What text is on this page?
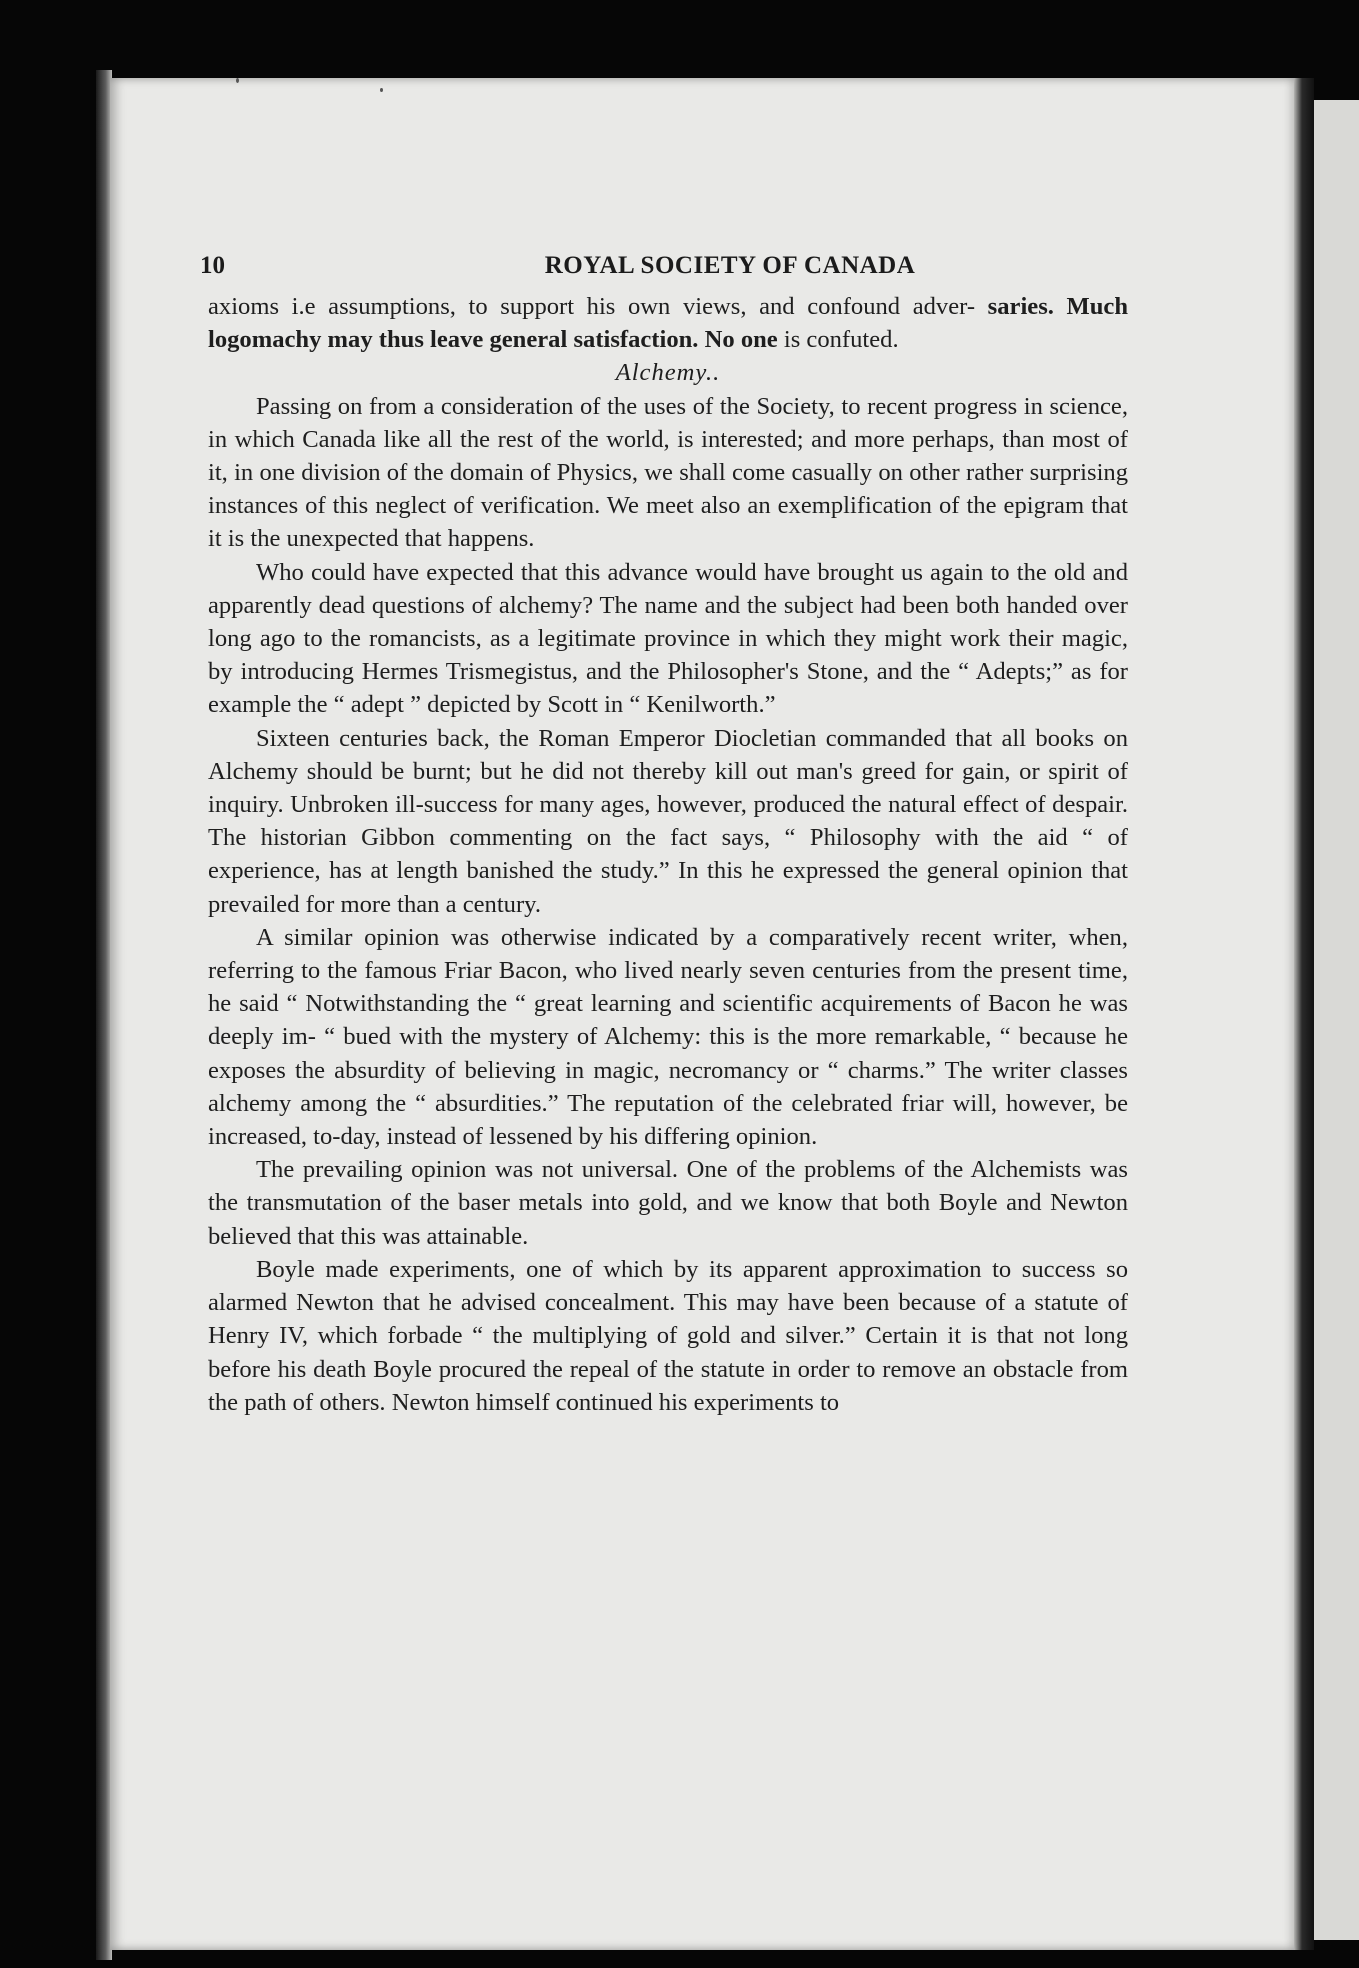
10	ROYAL SOCIETY OF CANADA

axioms i.e assumptions, to support his own views, and confound adver- saries. Much logomachy may thus leave general satisfaction. No one is confuted.

Alchemy..

Passing on from a consideration of the uses of the Society, to recent progress in science, in which Canada like all the rest of the world, is interested; and more perhaps, than most of it, in one division of the domain of Physics, we shall come casually on other rather surprising instances of this neglect of verification. We meet also an exemplification of the epigram that it is the unexpected that happens.

Who could have expected that this advance would have brought us again to the old and apparently dead questions of alchemy? The name and the subject had been both handed over long ago to the romancists, as a legitimate province in which they might work their magic, by introducing Hermes Trismegistus, and the Philosopher's Stone, and the “ Adepts;” as for example the “ adept ” depicted by Scott in “ Kenilworth.”

Sixteen centuries back, the Roman Emperor Diocletian commanded that all books on Alchemy should be burnt; but he did not thereby kill out man's greed for gain, or spirit of inquiry. Unbroken ill-success for many ages, however, produced the natural effect of despair. The historian Gibbon commenting on the fact says, “ Philosophy with the aid “ of experience, has at length banished the study.” In this he expressed the general opinion that prevailed for more than a century.

A similar opinion was otherwise indicated by a comparatively recent writer, when, referring to the famous Friar Bacon, who lived nearly seven centuries from the present time, he said “ Notwithstanding the “ great learning and scientific acquirements of Bacon he was deeply im- “ bued with the mystery of Alchemy: this is the more remarkable, “ because he exposes the absurdity of believing in magic, necromancy or “ charms.” The writer classes alchemy among the “ absurdities.” The reputation of the celebrated friar will, however, be increased, to-day, instead of lessened by his differing opinion.

The prevailing opinion was not universal. One of the problems of the Alchemists was the transmutation of the baser metals into gold, and we know that both Boyle and Newton believed that this was attainable.

Boyle made experiments, one of which by its apparent approximation to success so alarmed Newton that he advised concealment. This may have been because of a statute of Henry IV, which forbade “ the multiplying of gold and silver.” Certain it is that not long before his death Boyle procured the repeal of the statute in order to remove an obstacle from the path of others. Newton himself continued his experiments to
